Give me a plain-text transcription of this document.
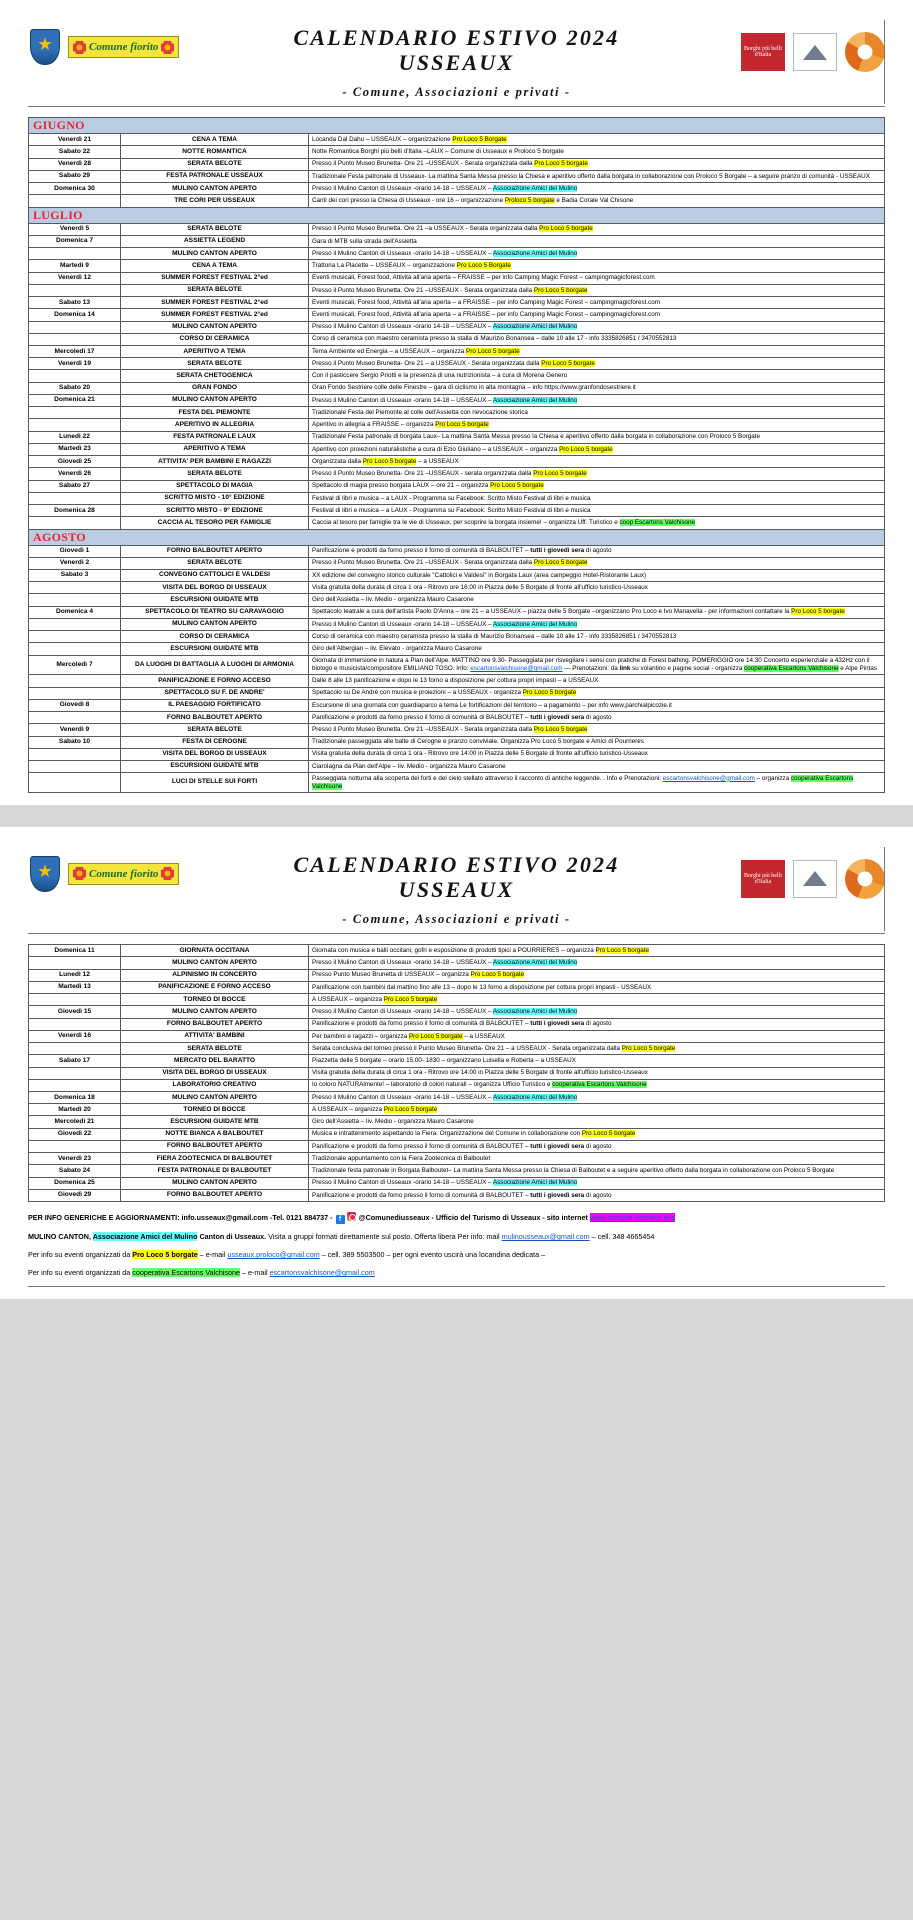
Comune fiorito	CALENDARIO ESTIVO 2024
USSEAUX
- Comune, Associazioni e privati -
Borghi più belli d'Italia
GIUGNO		
Venerdì 21	CENA A TEMA	Locanda Dal Dahu – USSEAUX – organizzazione Pro Loco 5 Borgate
Sabato 22	NOTTE ROMANTICA	Notte Romantica Borghi più belli d'Italia –LAUX – Comune di Usseaux e Proloco 5 borgate
Venerdì 28	SERATA BELOTE	Presso il Punto Museo Brunetta- Ore 21 –USSEAUX - Serata organizzata dalla Pro Loco 5 borgate
Sabato 29	FESTA PATRONALE USSEAUX	Tradizionale Festa patronale di Usseaux- La mattina Santa Messa presso la Chiesa e aperitivo offerto dalla borgata in collaborazione con Proloco 5 Borgate – a seguire pranzo di comunità - USSEAUX
Domenica 30	MULINO CANTON APERTO	Presso il Mulino Canton di Usseaux -orario 14-18 – USSEAUX – Associazione Amici del Mulino
	TRE CORI PER USSEAUX	Canti dei cori presso la Chiesa di Usseaux - ore 16 – organizzazione Proloco 5 borgate e Badia Corale Val Chisone
LUGLIO		
Venerdì 5	SERATA BELOTE	Presso il Punto Museo Brunetta. Ore 21 –a USSEAUX - Serata organizzata dalla Pro Loco 5 borgate
Domenica 7	ASSIETTA LEGEND	Gara di MTB sulla strada dell'Assietta
	MULINO CANTON APERTO	Presso il Mulino Canton di Usseaux -orario 14-18 – USSEAUX – Associazione Amici del Mulino
Martedì 9	CENA A TEMA	Trattoria La Placette – USSEAUX – organizzazione Pro Loco 5 Borgate
Venerdì 12	SUMMER FOREST FESTIVAL 2°ed	Eventi musicali, Forest food, Attività all'aria aperta – FRAISSE – per info Camping Magic Forest – campingmagicforest.com
	SERATA BELOTE	Presso il Punto Museo Brunetta. Ore 21 –USSEAUX - Serata organizzata dalla Pro Loco 5 borgate
Sabato 13	SUMMER FOREST FESTIVAL 2°ed	Eventi musicali, Forest food, Attività all'aria aperta – a FRAISSE – per info Camping Magic Forest – campingmagicforest.com
Domenica 14	SUMMER FOREST FESTIVAL 2°ed	Eventi musicali, Forest food, Attività all'aria aperta – a FRAISSE – per info Camping Magic Forest – campingmagicforest.com
	MULINO CANTON APERTO	Presso il Mulino Canton di Usseaux -orario 14-18 – USSEAUX – Associazione Amici del Mulino
	CORSO DI CERAMICA	Corso di ceramica con maestro ceramista presso la stalla di Maurizio Bonansea – dalle 10 alle 17 - info 3335826851 / 3470552813
Mercoledì 17	APERITIVO A TEMA	Tema Ambiente ed Energia – a USSEAUX – organizza Pro Loco 5 borgate
Venerdì 19	SERATA BELOTE	Presso il Punto Museo Brunetta- Ore 21 – a USSEAUX - Serata organizzata dalla Pro Loco 5 borgate
	SERATA CHETOGENICA	Con il pasticcere Sergio Priotti e la presenza di una nutrizionista – a cura di Morena Genero
Sabato 20	GRAN FONDO	Gran Fondo Sestriere colle delle Finestre – gara di ciclismo in alta montagna – info https://www.granfondosestriere.it
Domenica 21	MULINO CANTON APERTO	Presso il Mulino Canton di Usseaux -orario 14-18 – USSEAUX – Associazione Amici del Mulino
	FESTA DEL PIEMONTE	Tradizionale Festa del Piemonte al colle dell'Assietta con rievocazione storica
	APERITIVO IN ALLEGRIA	Aperitivo in allegria a FRAISSE – organizza Pro Loco 5 borgate
Lunedì 22	FESTA PATRONALE LAUX	Tradizionale Festa patronale di borgata Laux– La mattina Santa Messa presso la Chiesa e aperitivo offerto dalla borgata in collaborazione con Proloco 5 Borgate
Martedì 23	APERITIVO A TEMA	Aperitivo con proiezioni naturalistiche a cura di Ezio Giuliano – a USSEAUX – organizza Pro Loco 5 borgate
Giovedì 25	ATTIVITA' PER BAMBINI E RAGAZZI	Organizzata dalla Pro Loco 5 borgate – a USSEAUX
Venerdì 26	SERATA BELOTE	Presso il Punto Museo Brunetta- Ore 21 –USSEAUX - serata organizzata dalla Pro Loco 5 borgate
Sabato 27	SPETTACOLO DI MAGIA	Spettacolo di magia presso borgata LAUX – ore 21 – organizza Pro Loco 5 borgate
	SCRITTO MISTO - 10° EDIZIONE	Festival di libri e musica – a LAUX - Programma su Facebook: Scritto Misto Festival di libri e musica
Domenica 28	SCRITTO MISTO - 9° EDIZIONE	Festival di libri e musica – a LAUX - Programma su Facebook: Scritto Misto Festival di libri e musica
	CACCIA AL TESORO PER FAMIGLIE	Caccia al tesoro per famiglie tra le vie di Usseaux, per scoprire la borgata insieme! – organizza Uff. Turistico e coop Escartons Valchisone
AGOSTO		
Giovedì 1	FORNO BALBOUTET APERTO	Panificazione e prodotti da forno presso il forno di comunità di BALBOUTET – tutti i giovedì sera di agosto
Venerdì 2	SERATA BELOTE	Presso il Punto Museo Brunetta. Ore 21 –USSEAUX - Serata organizzata dalla Pro Loco 5 borgate
Sabato 3	CONVEGNO CATTOLICI E VALDESI	XX edizione del convegno storico culturale "Cattolici e Valdesi" in Borgata Laux (area campeggio Hotel-Ristorante Laux)
	VISITA DEL BORGO DI USSEAUX	Visita gratuita della durata di circa 1 ora - Ritrovo ore 16:00 in Piazza delle 5 Borgate di fronte all'ufficio turistico-Usseaux
	ESCURSIONI GUIDATE MTB	Giro dell'Assietta – liv. Medio - organizza Mauro Casarone
Domenica 4	SPETTACOLO DI TEATRO SU CARAVAGGIO	Spettacolo teatrale a cura dell'artista Paolo D'Anna – ore 21 – a USSEAUX – piazza delle 5 Borgate –organizzano Pro Loco e Ivo Manavella - per informazioni contattare la Pro Loco 5 borgate
	MULINO CANTON APERTO	Presso il Mulino Canton di Usseaux -orario 14-18 – USSEAUX – Associazione Amici del Mulino
	CORSO DI CERAMICA	Corso di ceramica con maestro ceramista presso la stalla di Maurizio Bonansea – dalle 10 alle 17 - info 3335826851 / 3470552813
	ESCURSIONI GUIDATE MTB	Giro dell'Albergian – liv. Elevato - organizza Mauro Casarone
Mercoledì 7	DA LUOGHI DI BATTAGLIA A LUOGHI DI ARMONIA	Giornata di immersione in natura a Pian dell'Alpe. MATTINO ore 9.30- Passeggiata per risvegliare i sensi con pratiche di Forest bathing. POMERIGGIO ore 14.30 Concerto esperienziale a 432Hz con il biologo e musicista/compositore EMILIANO TOSO. Info: escartonsvalchisone@gmail.com — Prenotazioni: da link su volantino e pagine social - organizza cooperativa Escartons Valchisone e Alpe Pintas
	PANIFICAZIONE E FORNO ACCESO	Dalle 8 alle 13 panificazione e dopo le 13 forno a disposizione per cottura propri impasti – a USSEAUX
	SPETTACOLO SU F. DE ANDRE'	Spettacolo su De Andrè con musica e proiezioni – a USSEAUX - organizza Pro Loco 5 borgate
Giovedì 8	IL PAESAGGIO FORTIFICATO	Escursione di una giornata con guardiaparco a tema Le fortificazioni del territorio – a pagamento – per info www.parchialpicozie.it
	FORNO BALBOUTET APERTO	Panificazione e prodotti da forno presso il forno di comunità di BALBOUTET – tutti i giovedì sera di agosto
Venerdì 9	SERATA BELOTE	Presso il Punto Museo Brunetta. Ore 21 –USSEAUX - Serata organizzata dalla Pro Loco 5 borgate
Sabato 10	FESTA DI CEROGNE	Tradizionale passeggiata alle balte di Cerogne e pranzo conviviale. Organizza Pro Loco 5 borgate e Amici di Pourrieres
	VISITA DEL BORGO DI USSEAUX	Visita gratuita della durata di circa 1 ora - Ritrovo ore 14:00 in Piazza delle 5 Borgate di fronte all'ufficio turistico-Usseaux
	ESCURSIONI GUIDATE MTB	Ciarolagna da Pian dell'Alpe – liv. Medio - organizza Mauro Casarone
	LUCI DI STELLE SUI FORTI	Passeggiata notturna alla scoperta dei forti e del cielo stellato attraverso il racconto di antiche leggende. . Info e Prenotazioni: escartonsvalchisone@gmail.com – organizza cooperativa Escartons Valchisone
Comune fiorito	CALENDARIO ESTIVO 2024
USSEAUX
- Comune, Associazioni e privati -
Borghi più belli d'Italia
Domenica 11	GIORNATA OCCITANA	Giornata con musica e balli occitani, gofri e esposizione di prodotti tipici a POURRIERES – organizza Pro Loco 5 borgate
	MULINO CANTON APERTO	Presso il Mulino Canton di Usseaux -orario 14-18 – USSEAUX – Associazione Amici del Mulino
Lunedì 12	ALPINISMO IN CONCERTO	Presso Punto Museo Brunetta di USSEAUX – organizza Pro Loco 5 borgate
Martedì 13	PANIFICAZIONE E FORNO ACCESO	Panificazione con bambini dal mattino fino alle 13 – dopo le 13 forno a disposizione per cottura propri impasti - USSEAUX
	TORNEO DI BOCCE	A USSEAUX – organizza Pro Loco 5 borgate
Giovedì 15	MULINO CANTON APERTO	Presso il Mulino Canton di Usseaux -orario 14-18 – USSEAUX – Associazione Amici del Mulino
	FORNO BALBOUTET APERTO	Panificazione e prodotti da forno presso il forno di comunità di BALBOUTET – tutti i giovedì sera di agosto
Venerdì 16	ATTIVITA' BAMBINI	Per bambini e ragazzi – organizza Pro Loco 5 borgate – a USSEAUX
	SERATA BELOTE	Serata conclusiva del torneo presso il Punto Museo Brunetta- Ore 21 – a USSEAUX - Serata organizzata dalla Pro Loco 5 borgate
Sabato 17	MERCATO DEL BARATTO	Piazzetta delle 5 borgate – orario 15.00- 1830 – organizzano Luisella e Roberta – a USSEAUX
	VISITA DEL BORGO DI USSEAUX	Visita gratuita della durata di circa 1 ora - Ritrovo ore 14:00 in Piazza delle 5 Borgate di fronte all'ufficio turistico-Usseaux
	LABORATORIO CREATIVO	Io coloro NATURAlmente! – laboratorio di colori naturali – organizza Ufficio Turistico e cooperativa Escartons Valchisone
Domenica 18	MULINO CANTON APERTO	Presso il Mulino Canton di Usseaux -orario 14-18 – USSEAUX – Associazione Amici del Mulino
Martedì 20	TORNEO DI BOCCE	A USSEAUX – organizza Pro Loco 5 borgate
Mercoledì 21	ESCURSIONI GUIDATE MTB	Giro dell'Assietta – liv. Medio - organizza Mauro Casarone
Giovedì 22	NOTTE BIANCA A BALBOUTET	Musica e intrattenimento aspettando la Fiera. Organizzazione del Comune in collaborazione con Pro Loco 5 borgate
	FORNO BALBOUTET APERTO	Panificazione e prodotti da forno presso il forno di comunità di BALBOUTET – tutti i giovedì sera di agosto
Venerdì 23	FIERA ZOOTECNICA DI BALBOUTET	Tradizionale appuntamento con la Fiera Zootecnica di Balboutet
Sabato 24	FESTA PATRONALE DI BALBOUTET	Tradizionale festa patronale in Borgata Balboutet– La mattina Santa Messa presso la Chiesa di Balboutet e a seguire aperitivo offerto dalla borgata in collaborazione con Proloco 5 Borgate
Domenica 25	MULINO CANTON APERTO	Presso il Mulino Canton di Usseaux -orario 14-18 – USSEAUX – Associazione Amici del Mulino
Giovedì 29	FORNO BALBOUTET APERTO	Panificazione e prodotti da forno presso il forno di comunità di BALBOUTET – tutti i giovedì sera di agosto
PER INFO GENERICHE E AGGIORNAMENTI: info.usseaux@gmail.com -Tel. 0121 884737 - f @Comunediusseaux - Ufficio del Turismo di Usseaux - sito internet www.comune.usseaux.to.it
MULINO CANTON, Associazione Amici del Mulino Canton di Usseaux. Visita a gruppi formati direttamente sul posto. Offerta libera Per info: mail mulinousseaux@gmail.com – cell. 348 4665454
Per info su eventi organizzati da Pro Loco 5 borgate – e-mail usseaux.proloco@gmail.com – cell. 389 5503500 – per ogni evento uscirà una locandina dedicata –
Per info su eventi organizzati da cooperativa Escartons Valchisone – e-mail escartonsvalchisone@gmail.com
